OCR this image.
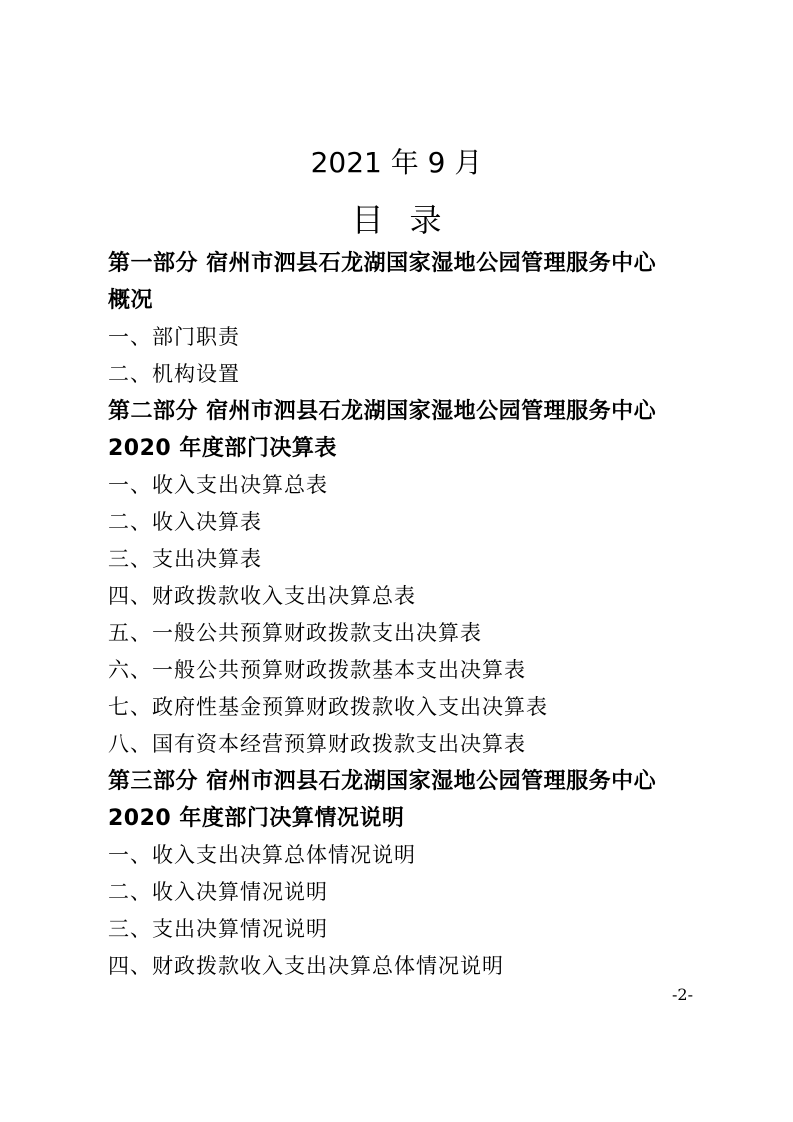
2021 年 9 月
目录
第一部分 宿州市泗县石龙湖国家湿地公园管理服务中心
概况
一、部门职责
二、机构设置
第二部分 宿州市泗县石龙湖国家湿地公园管理服务中心
2020 年度部门决算表
一、收入支出决算总表
二、收入决算表
三、支出决算表
四、财政拨款收入支出决算总表
五、一般公共预算财政拨款支出决算表
六、一般公共预算财政拨款基本支出决算表
七、政府性基金预算财政拨款收入支出决算表
八、国有资本经营预算财政拨款支出决算表
第三部分 宿州市泗县石龙湖国家湿地公园管理服务中心
2020 年度部门决算情况说明
一、收入支出决算总体情况说明
二、收入决算情况说明
三、支出决算情况说明
四、财政拨款收入支出决算总体情况说明
-2-
